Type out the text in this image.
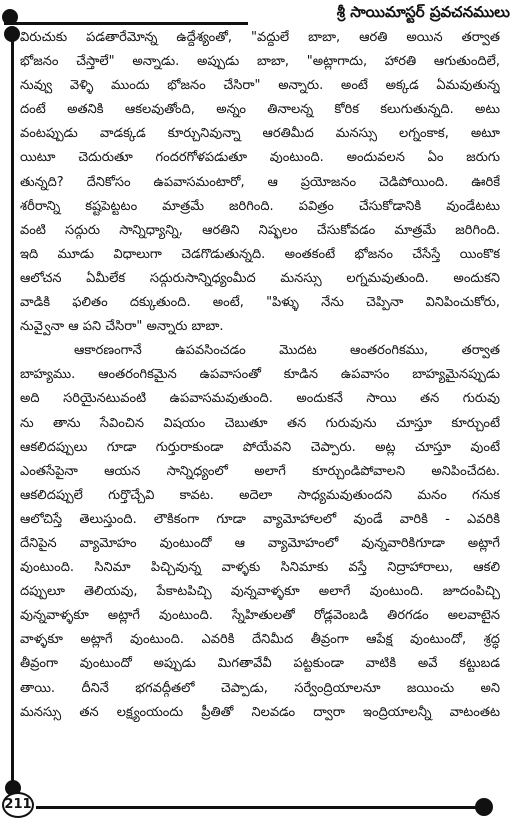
శ్రీ సాయిమాస్టర్ ప్రవచనములు
211
విరుచుకు పడతారేమోన్న ఉద్దేశ్యంతో, "వద్దులే బాబా, ఆరతి అయిన తర్వాత
భోజనం చేస్తాలే" అన్నాడు. అప్పుడు బాబా, "అట్లాగాదు, హారతి ఆగుతుందిలే,
నువ్వు వెళ్ళి ముందు భోజనం చేసిరా" అన్నారు. అంటే అక్కడ ఏమవుతున్న
దంటే అతనికి ఆకలవుతోంది, అన్నం తినాలన్న కోరిక కలుగుతున్నది. అటు
వంటప్పుడు వాడక్కడ కూర్చునివున్నా ఆరతిమీద మనస్సు లగ్నంకాక, అటూ
యిటూ చెదురుతూ గందరగోళపడుతూ వుంటుంది. అందువలన ఏం జరుగు
తున్నది? దేనికోసం ఉపవాసమంటారో, ఆ ప్రయోజనం చెడిపోయింది. ఊరికే
శరీరాన్ని కష్టపెట్టటం మాత్రమే జరిగింది. పవిత్రం చేసుకోడానికి వుండేటటు
వంటి సద్గురు సాన్నిధ్యాన్ని, ఆరతిని నిష్ఫలం చేసుకోవడం మాత్రమే జరిగింది.
ఇది మూడు విధాలుగా చెడగొడుతున్నది. అంతకంటే భోజనం చేసేస్తే యింకొక
ఆలోచన ఏమీలేక సద్గురుసాన్నిధ్యంమీద మనస్సు లగ్నమవుతుంది. అందుకని
వాడికి ఫలితం దక్కుతుంది. అంటే, "పిళ్ళు నేను చెప్పినా వినిపించుకోరు,
నువ్వైనా ఆ పని చేసిరా" అన్నారు బాబా.
ఆకారణంగానే ఉపవసించడం మొదట ఆంతరంగికము, తర్వాత
బాహ్యము. ఆంతరంగికమైన ఉపవాసంతో కూడిన ఉపవాసం బాహ్యమైనప్పుడు
అది సరియైనటువంటి ఉపవాసమవుతుంది. అందుకనే సాయి తన గురువు
ను తాను సేవించిన విషయం చెబుతూ తన గురువును చూస్తూ కూర్చుంటే
ఆకలిదప్పులు గూడా గుర్తురాకుండా పోయేవని చెప్పారు. అట్ల చూస్తూ వుంటే
ఎంతసేపైనా ఆయన సాన్నిధ్యంలో అలాగే కూర్చుండిపోవాలని అనిపించేదట.
ఆకలిదప్పులే గుర్తొచ్చేవి కావట. అదెలా సాధ్యమవుతుందని మనం గనుక
ఆలోచిస్తే తెలుస్తుంది. లౌకికంగా గూడా వ్యామోహాలలో వుండే వారికి - ఎవరికి
దేనిపైన వ్యామోహం వుంటుందో ఆ వ్యామోహంలో వున్నవారికిగూడా అట్లాగే
వుంటుంది. సినిమా పిచ్చివున్న వాళ్ళకు సినిమాకు వస్తే నిద్రాహారాలు, ఆకలి
దప్పులూ తెలియవు, పేకాటపిచ్చి వున్నవాళ్ళకూ అలాగే వుంటుంది. జూదంపిచ్చి
వున్నవాళ్ళకూ అట్లాగే వుంటుంది. స్నేహితులతో రోడ్లవెంబడి తిరగడం అలవాటైన
వాళ్ళకూ అట్లాగే వుంటుంది. ఎవరికి దేనిమీద తీవ్రంగా ఆపేక్ష వుంటుందో, శ్రద్ధ
తీవ్రంగా వుంటుందో అప్పుడు మిగతావేవీ పట్టకుండా వాటికి అవే కట్టుబడ
తాయి. దీనినే భగవద్గీతలో చెప్పాడు, సర్వేంద్రియాలనూ జయించు అని
మనస్సు తన లక్ష్యంయందు ప్రీతితో నిలవడం ద్వారా ఇంద్రియాలన్నీ వాటంతట
